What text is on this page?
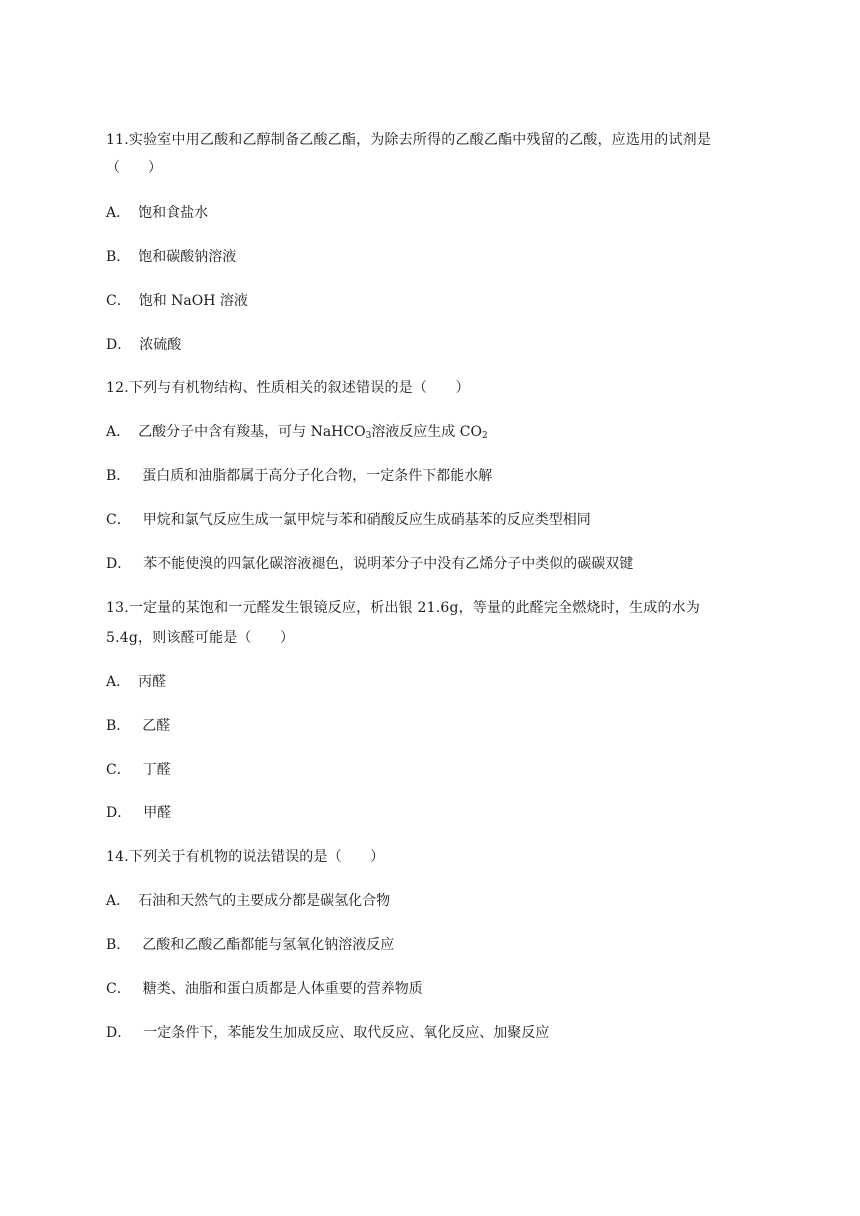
11.实验室中用乙酸和乙醇制备乙酸乙酯，为除去所得的乙酸乙酯中残留的乙酸，应选用的试剂是
（　　）
A． 饱和食盐水
B． 饱和碳酸钠溶液
C． 饱和 NaOH 溶液
D． 浓硫酸
12.下列与有机物结构、性质相关的叙述错误的是（　　）
A． 乙酸分子中含有羧基，可与 NaHCO$_3$溶液反应生成 $CO_2$
B． 蛋白质和油脂都属于高分子化合物，一定条件下都能水解
C． 甲烷和氯气反应生成一氯甲烷与苯和硝酸反应生成硝基苯的反应类型相同
D． 苯不能使溴的四氯化碳溶液褪色，说明苯分子中没有乙烯分子中类似的碳碳双键
13.一定量的某饱和一元醛发生银镜反应，析出银 21.6g，等量的此醛完全燃烧时，生成的水为
5.4g，则该醛可能是（　　）
A． 丙醛
B． 乙醛
C． 丁醛
D． 甲醛
14.下列关于有机物的说法错误的是（　　）
A． 石油和天然气的主要成分都是碳氢化合物
B． 乙酸和乙酸乙酯都能与氢氧化钠溶液反应
C． 糖类、油脂和蛋白质都是人体重要的营养物质
D． 一定条件下，苯能发生加成反应、取代反应、氧化反应、加聚反应
